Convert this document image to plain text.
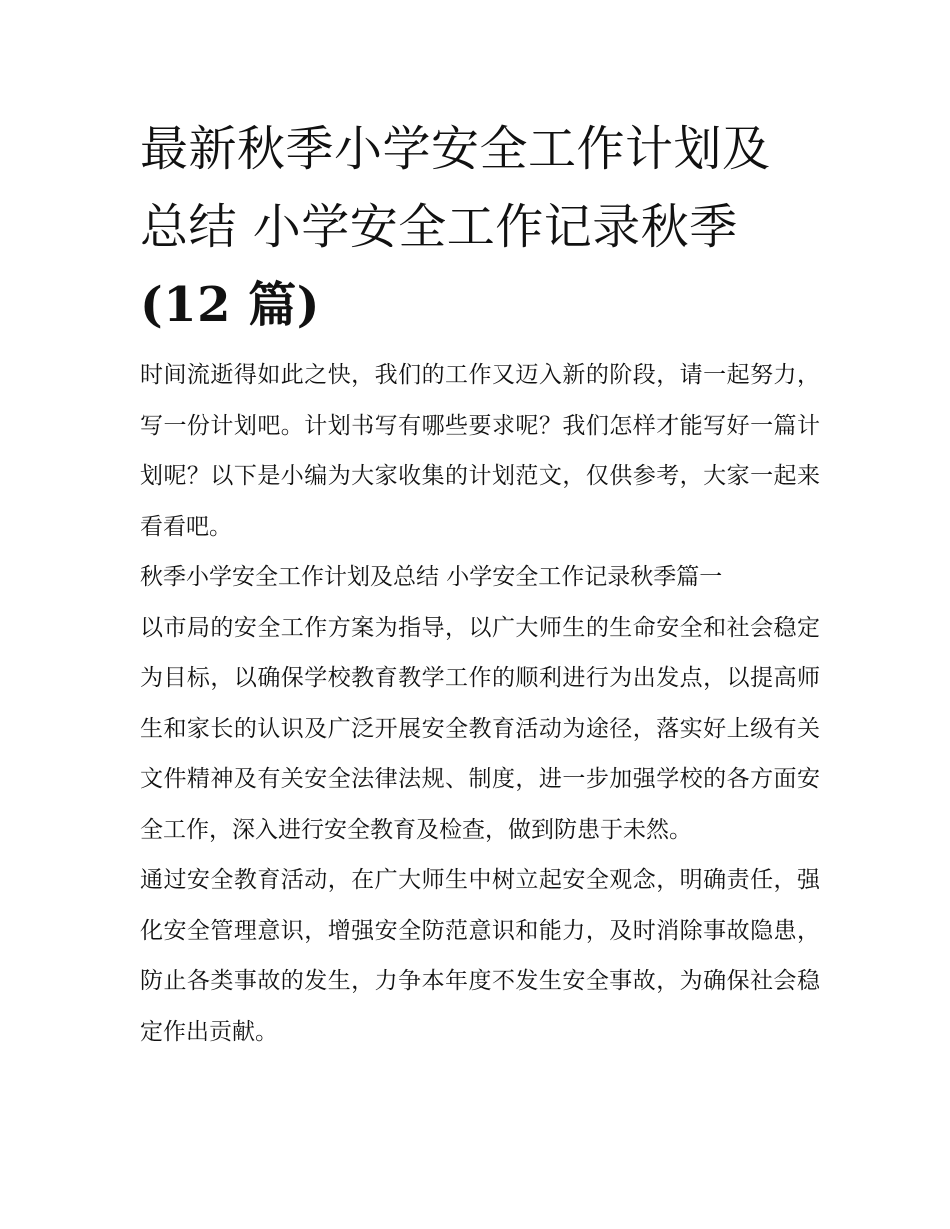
最新秋季小学安全工作计划及
总结 小学安全工作记录秋季
(12 篇)

时间流逝得如此之快，我们的工作又迈入新的阶段，请一起努力，写一份计划吧。计划书写有哪些要求呢？我们怎样才能写好一篇计划呢？以下是小编为大家收集的计划范文，仅供参考，大家一起来看看吧。

秋季小学安全工作计划及总结 小学安全工作记录秋季篇一

以市局的安全工作方案为指导，以广大师生的生命安全和社会稳定为目标，以确保学校教育教学工作的顺利进行为出发点，以提高师生和家长的认识及广泛开展安全教育活动为途径，落实好上级有关文件精神及有关安全法律法规、制度，进一步加强学校的各方面安全工作，深入进行安全教育及检查，做到防患于未然。

通过安全教育活动，在广大师生中树立起安全观念，明确责任，强化安全管理意识，增强安全防范意识和能力，及时消除事故隐患，防止各类事故的发生，力争本年度不发生安全事故，为确保社会稳定作出贡献。
